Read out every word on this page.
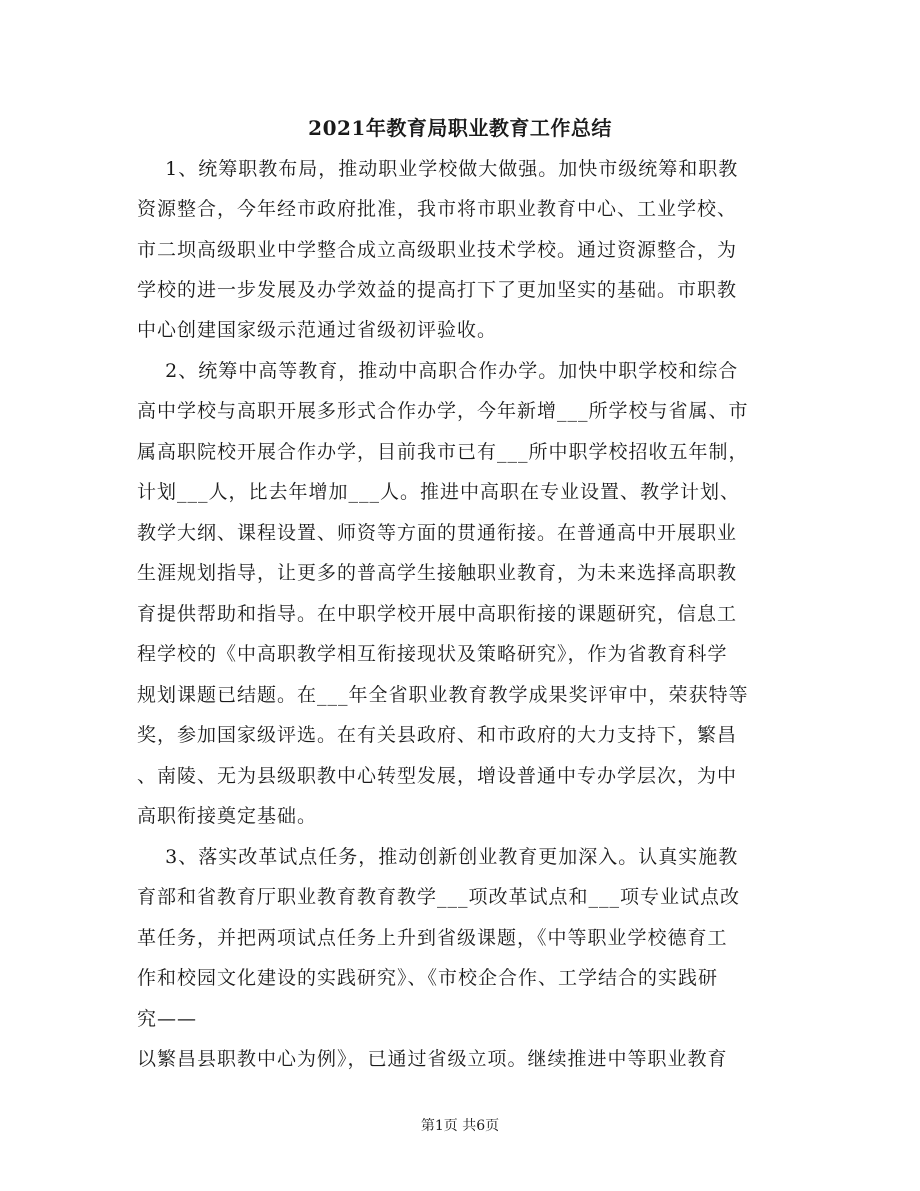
2021年教育局职业教育工作总结
1、统筹职教布局，推动职业学校做大做强。加快市级统筹和职教
资源整合，今年经市政府批准，我市将市职业教育中心、工业学校、
市二坝高级职业中学整合成立高级职业技术学校。通过资源整合，为
学校的进一步发展及办学效益的提高打下了更加坚实的基础。市职教
中心创建国家级示范通过省级初评验收。
2、统筹中高等教育，推动中高职合作办学。加快中职学校和综合
高中学校与高职开展多形式合作办学，今年新增___所学校与省属、市
属高职院校开展合作办学，目前我市已有___所中职学校招收五年制，
计划___人，比去年增加___人。推进中高职在专业设置、教学计划、
教学大纲、课程设置、师资等方面的贯通衔接。在普通高中开展职业
生涯规划指导，让更多的普高学生接触职业教育，为未来选择高职教
育提供帮助和指导。在中职学校开展中高职衔接的课题研究，信息工
程学校的《中高职教学相互衔接现状及策略研究》，作为省教育科学
规划课题已结题。在___年全省职业教育教学成果奖评审中，荣获特等
奖，参加国家级评选。在有关县政府、和市政府的大力支持下，繁昌
、南陵、无为县级职教中心转型发展，增设普通中专办学层次，为中
高职衔接奠定基础。
3、落实改革试点任务，推动创新创业教育更加深入。认真实施教
育部和省教育厅职业教育教育教学___项改革试点和___项专业试点改
革任务，并把两项试点任务上升到省级课题，《中等职业学校德育工
作和校园文化建设的实践研究》、《市校企合作、工学结合的实践研
究——
以繁昌县职教中心为例》，已通过省级立项。继续推进中等职业教育
第1页 共6页
